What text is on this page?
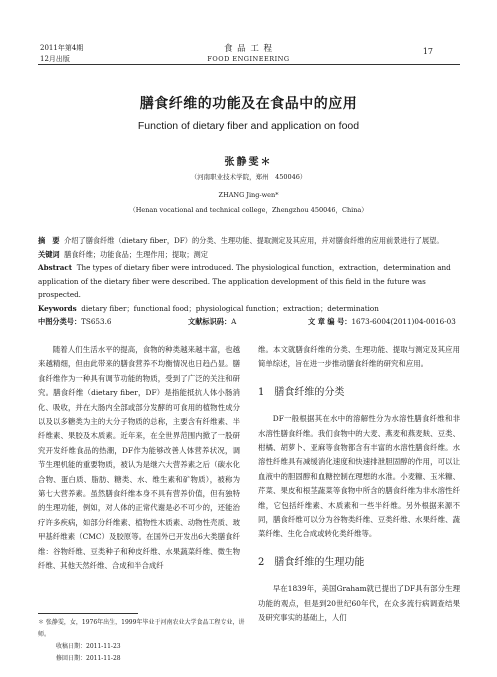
2011年第4期
12月出版
食 品 工 程
FOOD ENGINEERING
17
膳食纤维的功能及在食品中的应用
Function of dietary fiber and application on food
张静雯＊
（河南职业技术学院，郑州　450046）
ZHANG Jing-wen*
（Henan vocational and technical college，Zhengzhou 450046，China）
摘　要 介绍了膳食纤维（dietary fiber，DF）的分类、生理功能、提取测定及其应用，并对膳食纤维的应用前景进行了展望。
关键词 膳食纤维；功能食品；生理作用；提取；测定
Abstract The types of dietary fiber were introduced. The physiological function，extraction，determination and application of the dietary fiber were described. The application development of this field in the future was prospected.
Keywords dietary fiber；functional food；physiological function；extraction；determination
中图分类号：TS653.6	文献标识码：A	文 章 编 号：1673-6004(2011)04-0016-03

随着人们生活水平的提高，食物的种类越来越丰富，也越来越精细，但由此带来的膳食营养不均衡情况也日趋凸显。膳食纤维作为一种具有调节功能的物质，受到了广泛的关注和研究。膳食纤维（dietary fiber，DF）是指能抵抗人体小肠消化、吸收，并在大肠内全部或部分发酵的可食用的植物性成分以及以多糖类为主的大分子物质的总称，主要含有纤维素、半纤维素、果胶及木质素。近年来，在全世界范围内掀了一股研究开发纤维食品的热潮，DF作为能够改善人体营养状况，调节生理机能的重要物质，被认为是继六大营养素之后（碳水化合物、蛋白质、脂肪、糖类、水、维生素和矿物质），被称为第七大营养素。虽然膳食纤维本身不具有营养价值，但有独特的生理功能，例如，对人体的正常代谢是必不可少的，还能治疗许多疾病，如部分纤维素、植物性木质素、动物性壳质、玻甲基纤维素（CMC）及胶原等。在国外已开发出6大类膳食纤维：谷物纤维、豆类种子和种皮纤维、水果蔬菜纤维、微生物纤维、其他天然纤维、合成和半合成纤

维。本文就膳食纤维的分类、生理功能、提取与测定及其应用简单综述，旨在进一步推动膳食纤维的研究和应用。

1 膳食纤维的分类

DF一般根据其在水中的溶解性分为水溶性膳食纤维和非水溶性膳食纤维。我们食物中的大麦、燕麦和燕麦麸、豆类、柑橘、胡萝卜、亚麻等食物都含有丰富的水溶性膳食纤维。水溶性纤维具有减缓消化速度和快速排泄胆固醇的作用，可以让血液中的胆固醇和血糖控制在理想的水准。小麦糠、玉米糠、芹菜、果皮和根茎蔬菜等食物中所含的膳食纤维为非水溶性纤维，它包括纤维素、木质素和一些半纤维。另外根据来源不同，膳食纤维可以分为谷物类纤维、豆类纤维、水果纤维、蔬菜纤维、生化合成或转化类纤维等。

2 膳食纤维的生理功能

早在1839年，美国Graham就已提出了DF具有部分生理功能的观点，但是到20世纪60年代，在众多流行病调查结果及研究事实的基础上，人们

＊ 张静雯，女，1976年出生，1999年毕业于河南农业大学食品工程专业，讲师。
收稿日期：2011-11-23
修回日期：2011-11-28
